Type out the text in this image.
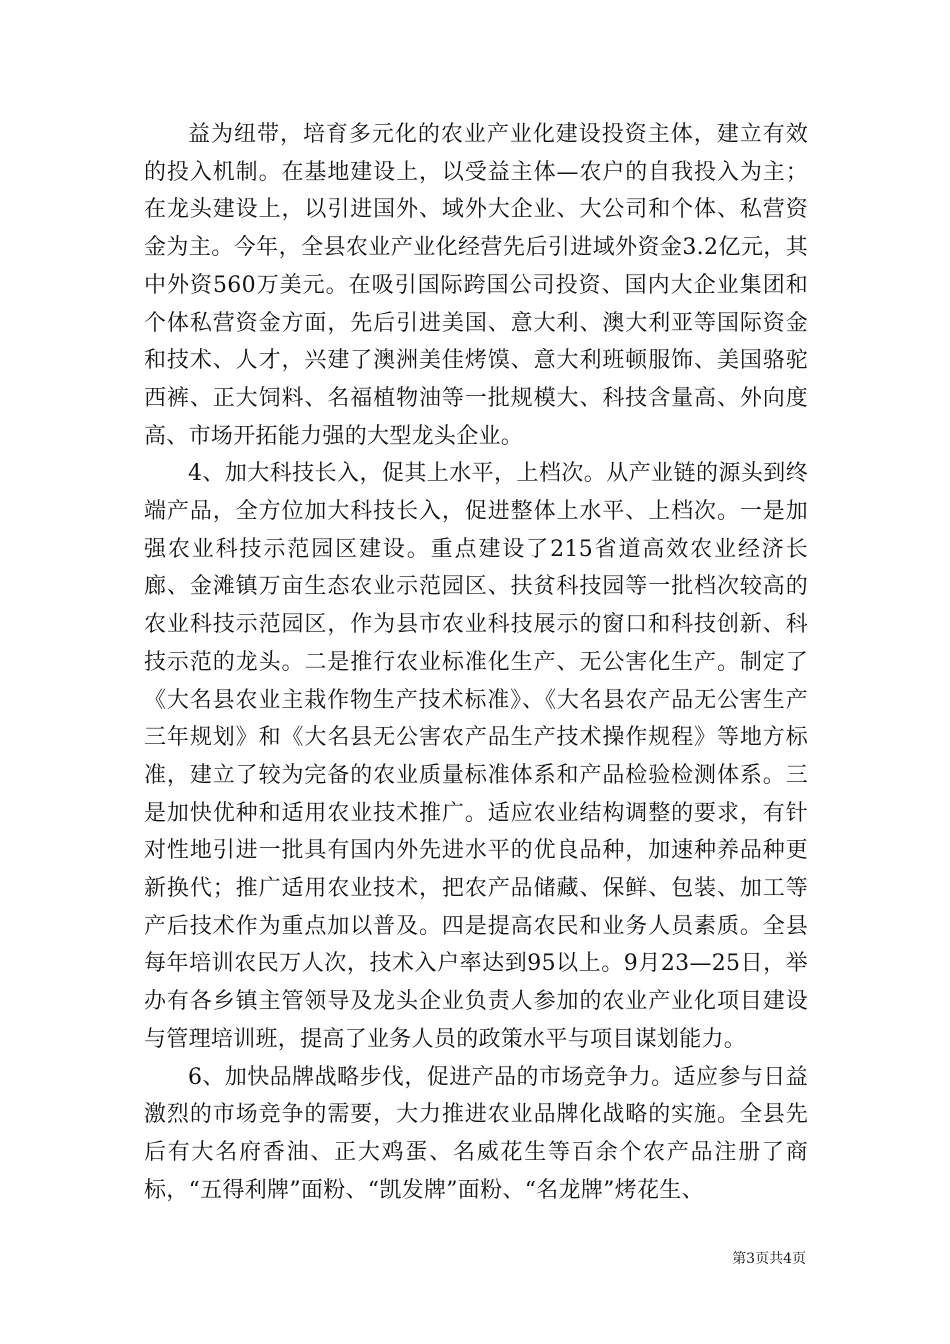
益为纽带，培育多元化的农业产业化建设投资主体，建立有效的投入机制。在基地建设上，以受益主体—农户的自我投入为主；在龙头建设上，以引进国外、域外大企业、大公司和个体、私营资金为主。今年，全县农业产业化经营先后引进域外资金3.2亿元，其中外资560万美元。在吸引国际跨国公司投资、国内大企业集团和个体私营资金方面，先后引进美国、意大利、澳大利亚等国际资金和技术、人才，兴建了澳洲美佳烤馍、意大利班顿服饰、美国骆驼西裤、正大饲料、名福植物油等一批规模大、科技含量高、外向度高、市场开拓能力强的大型龙头企业。

4、加大科技长入，促其上水平，上档次。从产业链的源头到终端产品，全方位加大科技长入，促进整体上水平、上档次。一是加强农业科技示范园区建设。重点建设了215省道高效农业经济长廊、金滩镇万亩生态农业示范园区、扶贫科技园等一批档次较高的农业科技示范园区，作为县市农业科技展示的窗口和科技创新、科技示范的龙头。二是推行农业标准化生产、无公害化生产。制定了《大名县农业主栽作物生产技术标准》、《大名县农产品无公害生产三年规划》和《大名县无公害农产品生产技术操作规程》等地方标准，建立了较为完备的农业质量标准体系和产品检验检测体系。三是加快优种和适用农业技术推广。适应农业结构调整的要求，有针对性地引进一批具有国内外先进水平的优良品种，加速种养品种更新换代；推广适用农业技术，把农产品储藏、保鲜、包装、加工等产后技术作为重点加以普及。四是提高农民和业务人员素质。全县每年培训农民万人次，技术入户率达到95以上。9月23—25日，举办有各乡镇主管领导及龙头企业负责人参加的农业产业化项目建设与管理培训班，提高了业务人员的政策水平与项目谋划能力。

6、加快品牌战略步伐，促进产品的市场竞争力。适应参与日益激烈的市场竞争的需要，大力推进农业品牌化战略的实施。全县先后有大名府香油、正大鸡蛋、名威花生等百余个农产品注册了商标，“五得利牌”面粉、“凯发牌”面粉、“名龙牌”烤花生、

第3页共4页
